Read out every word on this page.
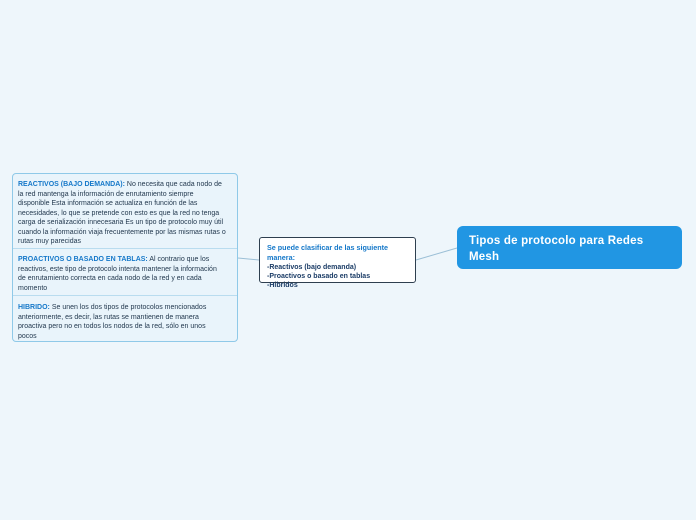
REACTIVOS (BAJO DEMANDA): No necesita que cada nodo de la red mantenga la información de enrutamiento siempre disponible Esta información se actualiza en función de las necesidades, lo que se pretende con esto es que la red no tenga carga de serialización innecesaria Es un tipo de protocolo muy útil cuando la información viaja frecuentemente por las mismas rutas o rutas muy parecidas
PROACTIVOS O BASADO EN TABLAS: Al contrario que los reactivos, este tipo de protocolo intenta mantener la información de enrutamiento correcta en cada nodo de la red y en cada momento
HIBRIDO: Se unen los dos tipos de protocolos mencionados anteriormente, es decir, las rutas se mantienen de manera proactiva pero no en todos los nodos de la red, sólo en unos pocos
Se puede clasificar de las siguiente manera:
-Reactivos (bajo demanda)
-Proactivos o basado en tablas
-Hibridos
Tipos de protocolo para Redes Mesh
